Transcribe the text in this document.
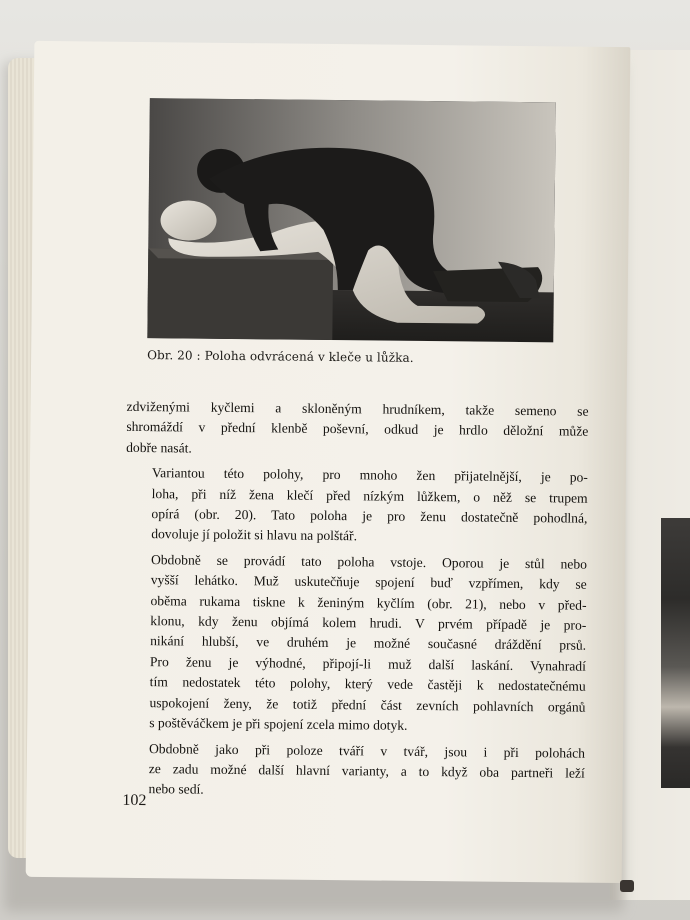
Obr. 20 : Poloha odvrácená v kleče u lůžka.

zdviženými kyčlemi a skloněným hrudníkem, takže semeno se
shromáždí v přední klenbě poševní, odkud je hrdlo děložní může
dobře nasát.

Variantou této polohy, pro mnoho žen přijatelnější, je po-
loha, při níž žena klečí před nízkým lůžkem, o něž se trupem
opírá (obr. 20). Tato poloha je pro ženu dostatečně pohodlná,
dovoluje jí položit si hlavu na polštář.

Obdobně se provádí tato poloha vstoje. Oporou je stůl nebo
vyšší lehátko. Muž uskutečňuje spojení buď vzpřímen, kdy se
oběma rukama tiskne k ženiným kyčlím (obr. 21), nebo v před-
klonu, kdy ženu objímá kolem hrudi. V prvém případě je pro-
nikání hlubší, ve druhém je možné současné dráždění prsů.
Pro ženu je výhodné, připojí-li muž další laskání. Vynahradí
tím nedostatek této polohy, který vede častěji k nedostatečnému
uspokojení ženy, že totiž přední část zevních pohlavních orgánů
s poštěváčkem je při spojení zcela mimo dotyk.

Obdobně jako při poloze tváří v tvář, jsou i při polohách
ze zadu možné další hlavní varianty, a to když oba partneři leží
nebo sedí.

102
